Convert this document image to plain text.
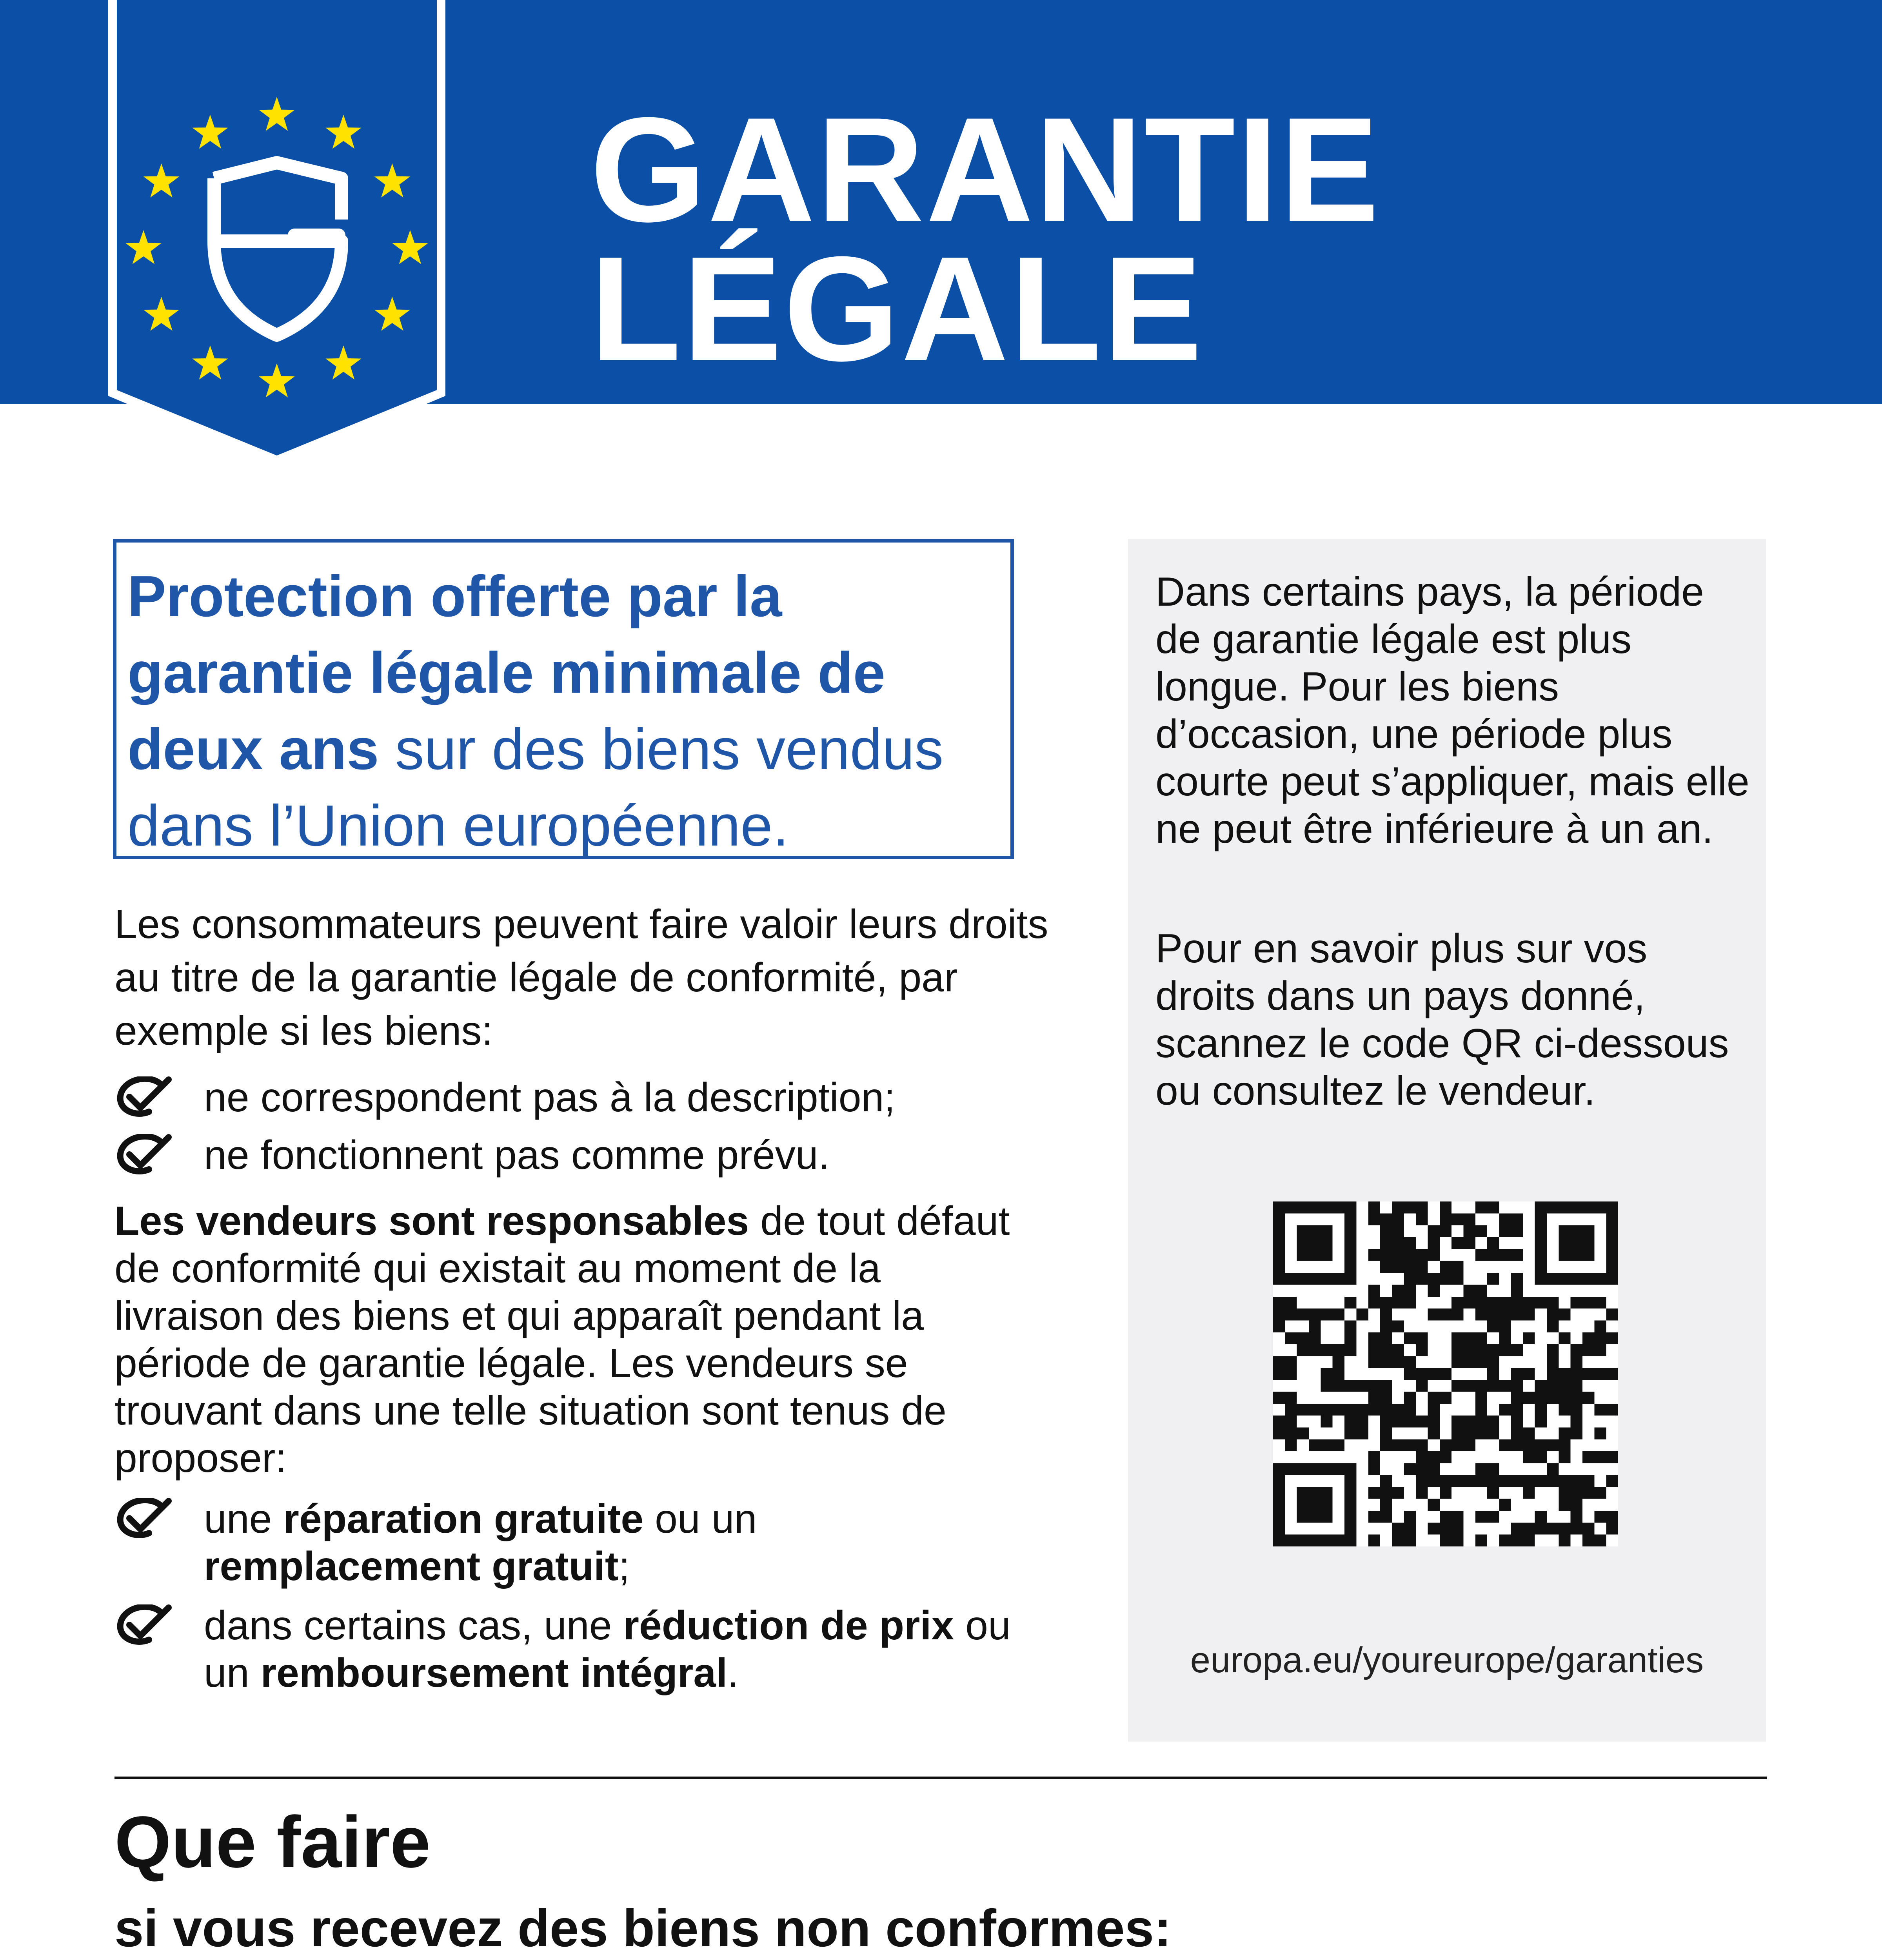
GARANTIE
LÉGALE
Protection offerte par la garantie légale minimale de deux ans sur des biens vendus dans l’Union européenne.

Les consommateurs peuvent faire valoir leurs droits au titre de la garantie légale de conformité, par exemple si les biens:

ne correspondent pas à la description;
ne fonctionnent pas comme prévu.

Les vendeurs sont responsables de tout défaut de conformité qui existait au moment de la livraison des biens et qui apparaît pendant la période de garantie légale. Les vendeurs se trouvant dans une telle situation sont tenus de proposer:

une réparation gratuite ou un remplacement gratuit;
dans certains cas, une réduction de prix ou un remboursement intégral.

Dans certains pays, la période de garantie légale est plus longue. Pour les biens d’occasion, une période plus courte peut s’appliquer, mais elle ne peut être inférieure à un an.

Pour en savoir plus sur vos droits dans un pays donné, scannez le code QR ci-dessous ou consultez le vendeur.

europa.eu/youreurope/garanties
Que faire
si vous recevez des biens non conformes:
